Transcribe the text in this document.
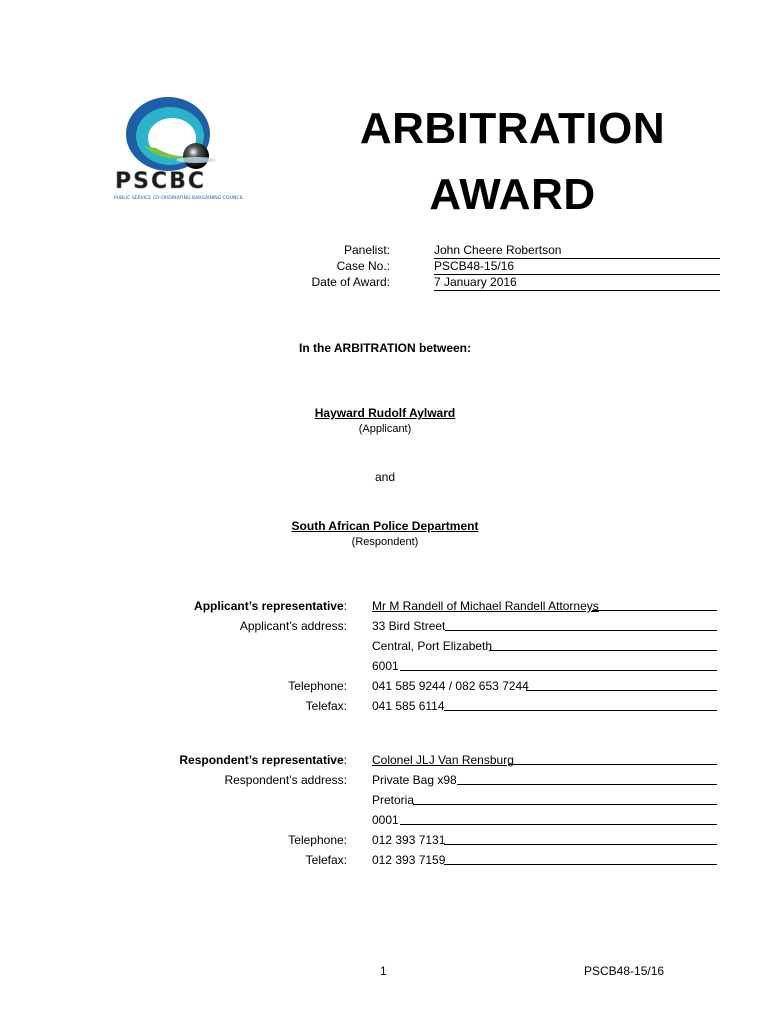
PSCBC
PUBLIC SERVICE CO-ORDINATING BARGAINING COUNCIL
ARBITRATION
AWARD
Panelist:	John Cheere Robertson
Case No.:	PSCB48-15/16
Date of Award:	7 January 2016
In the ARBITRATION between:
Hayward Rudolf Aylward
(Applicant)
and
South African Police Department
(Respondent)
Applicant’s representative: Mr M Randell of Michael Randell Attorneys
Applicant’s address: 33 Bird Street
Central, Port Elizabeth
6001
Telephone: 041 585 9244 / 082 653 7244
Telefax: 041 585 6114
Respondent’s representative: Colonel JLJ Van Rensburg
Respondent’s address: Private Bag x98
Pretoria
0001
Telephone: 012 393 7131
Telefax: 012 393 7159
1	PSCB48-15/16
